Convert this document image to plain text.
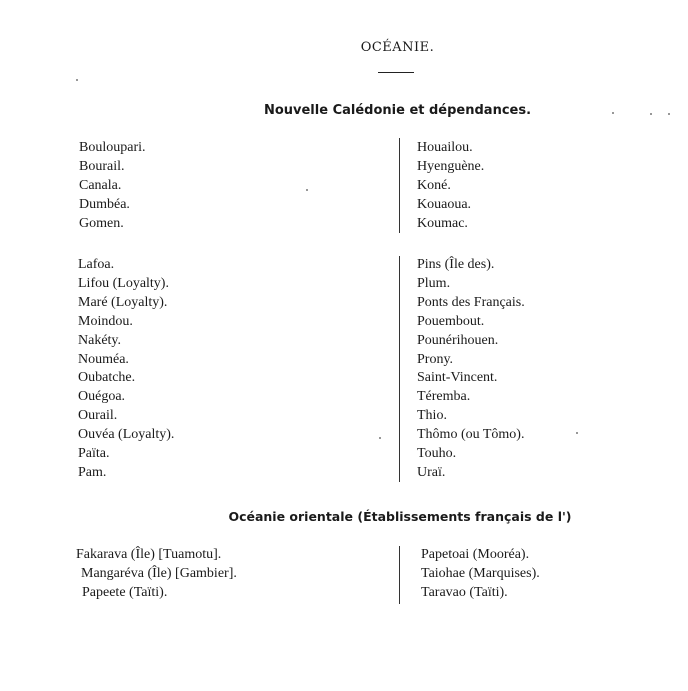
OCÉANIE.
Nouvelle Calédonie et dépendances.
Bouloupari.
Bourail.
Canala.
Dumbéa.
Gomen.
Houailou.
Hyenguène.
Koné.
Kouaoua.
Koumac.
Lafoa.
Lifou (Loyalty).
Maré (Loyalty).
Moindou.
Nakéty.
Nouméa.
Oubatche.
Ouégoa.
Ourail.
Ouvéa (Loyalty).
Païta.
Pam.
Pins (Île des).
Plum.
Ponts des Français.
Pouembout.
Pounérihouen.
Prony.
Saint-Vincent.
Téremba.
Thio.
Thômo (ou Tômo).
Touho.
Uraï.
Océanie orientale (Établissements français de l')
Fakarava (Île) [Tuamotu].
Mangaréva (Île) [Gambier].
Papeete (Taïti).
Papetoai (Mooréa).
Taiohae (Marquises).
Taravao (Taïti).
